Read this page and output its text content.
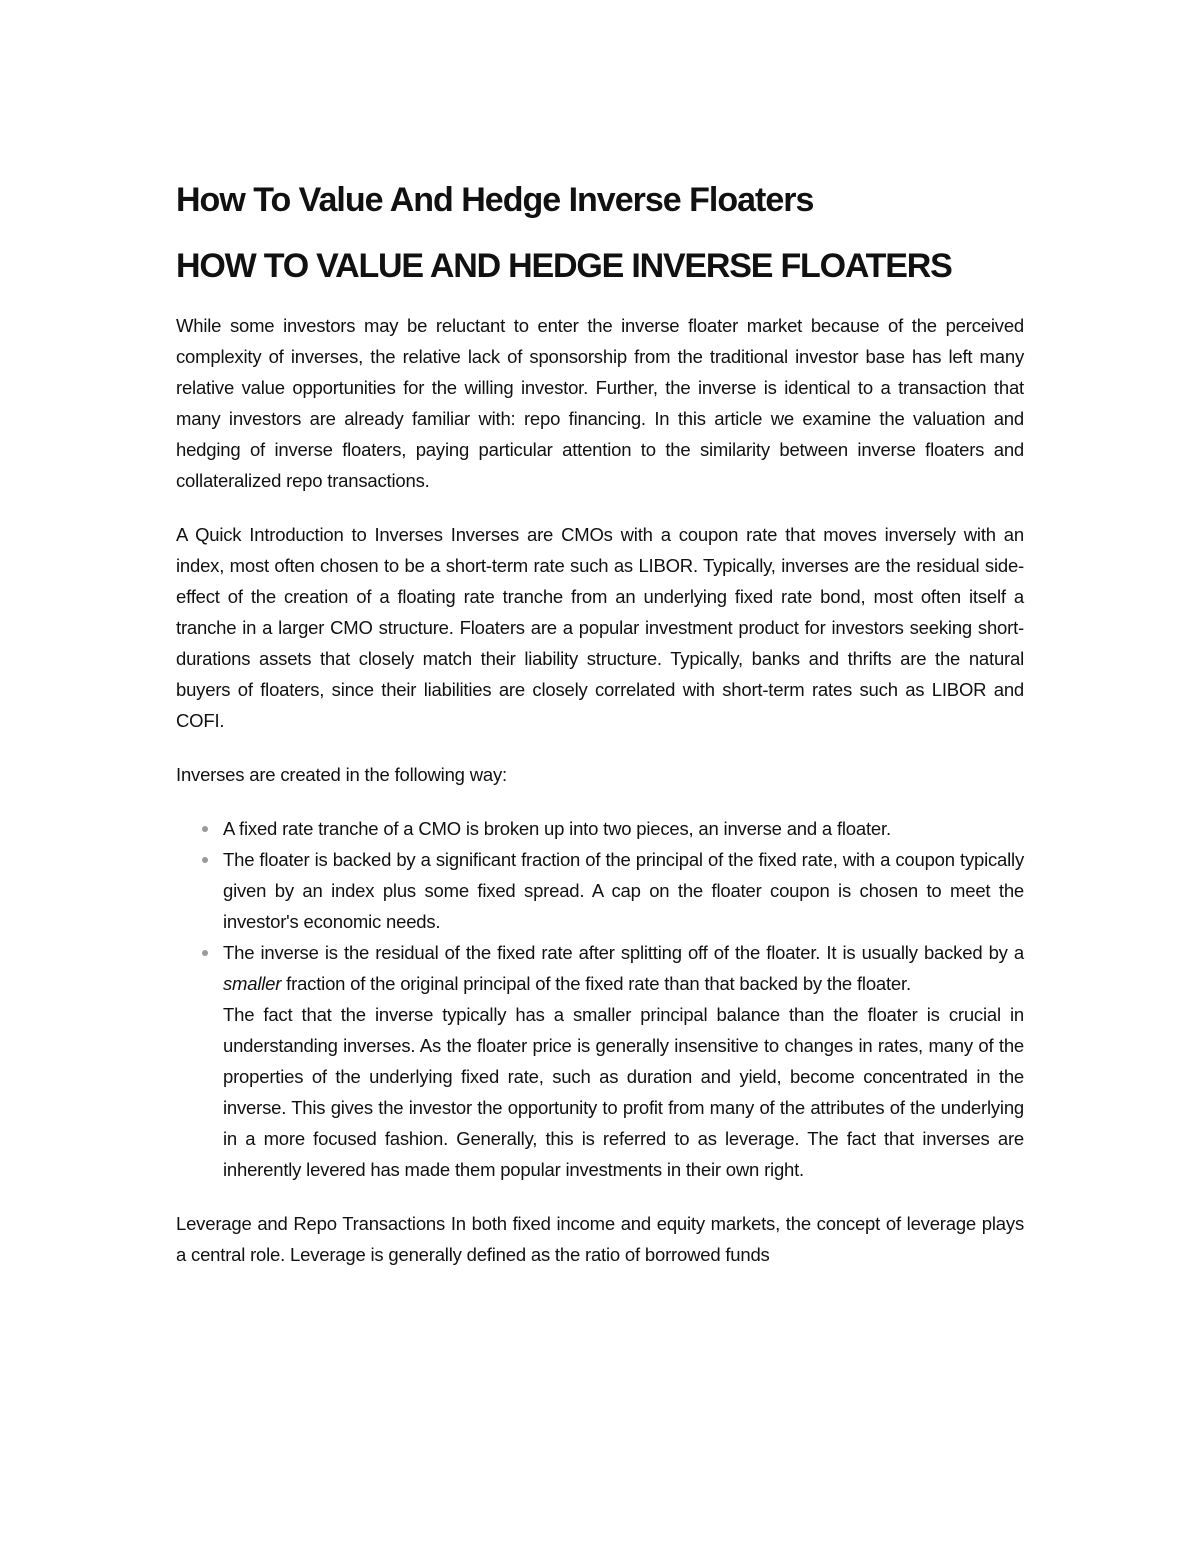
How To Value And Hedge Inverse Floaters
HOW TO VALUE AND HEDGE INVERSE FLOATERS

While some investors may be reluctant to enter the inverse floater market because of the perceived complexity of inverses, the relative lack of sponsorship from the traditional investor base has left many relative value opportunities for the willing investor. Further, the inverse is identical to a transaction that many investors are already familiar with: repo financing. In this article we examine the valuation and hedging of inverse floaters, paying particular attention to the similarity between inverse floaters and collateralized repo transactions.

A Quick Introduction to Inverses Inverses are CMOs with a coupon rate that moves inversely with an index, most often chosen to be a short-term rate such as LIBOR. Typically, inverses are the residual side-effect of the creation of a floating rate tranche from an underlying fixed rate bond, most often itself a tranche in a larger CMO structure. Floaters are a popular investment product for investors seeking short-durations assets that closely match their liability structure. Typically, banks and thrifts are the natural buyers of floaters, since their liabilities are closely correlated with short-term rates such as LIBOR and COFI.

Inverses are created in the following way:

A fixed rate tranche of a CMO is broken up into two pieces, an inverse and a floater.
The floater is backed by a significant fraction of the principal of the fixed rate, with a coupon typically given by an index plus some fixed spread. A cap on the floater coupon is chosen to meet the investor's economic needs.
The inverse is the residual of the fixed rate after splitting off of the floater. It is usually backed by a smaller fraction of the original principal of the fixed rate than that backed by the floater.
The fact that the inverse typically has a smaller principal balance than the floater is crucial in understanding inverses. As the floater price is generally insensitive to changes in rates, many of the properties of the underlying fixed rate, such as duration and yield, become concentrated in the inverse. This gives the investor the opportunity to profit from many of the attributes of the underlying in a more focused fashion. Generally, this is referred to as leverage. The fact that inverses are inherently levered has made them popular investments in their own right.

Leverage and Repo Transactions In both fixed income and equity markets, the concept of leverage plays a central role. Leverage is generally defined as the ratio of borrowed funds
